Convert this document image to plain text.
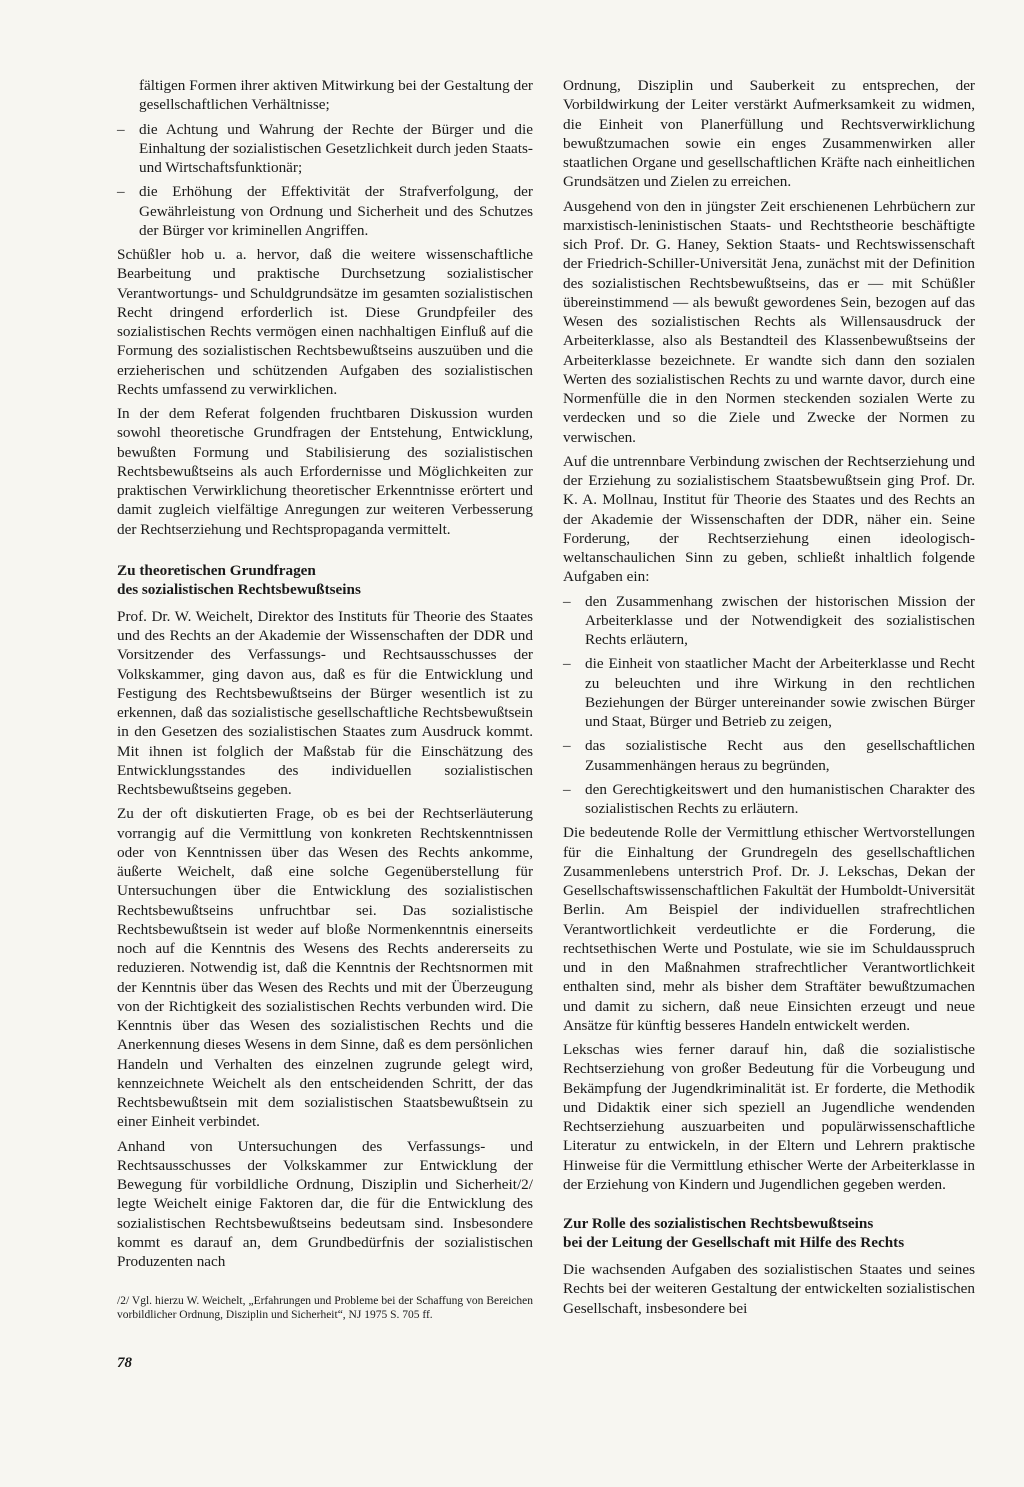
fältigen Formen ihrer aktiven Mitwirkung bei der Gestaltung der gesellschaftlichen Verhältnisse;

– die Achtung und Wahrung der Rechte der Bürger und die Einhaltung der sozialistischen Gesetzlichkeit durch jeden Staats- und Wirtschaftsfunktionär;

– die Erhöhung der Effektivität der Strafverfolgung, der Gewährleistung von Ordnung und Sicherheit und des Schutzes der Bürger vor kriminellen Angriffen.

Schüßler hob u. a. hervor, daß die weitere wissenschaftliche Bearbeitung und praktische Durchsetzung sozialistischer Verantwortungs- und Schuldgrundsätze im gesamten sozialistischen Recht dringend erforderlich ist. Diese Grundpfeiler des sozialistischen Rechts vermögen einen nachhaltigen Einfluß auf die Formung des sozialistischen Rechtsbewußtseins auszuüben und die erzieherischen und schützenden Aufgaben des sozialistischen Rechts umfassend zu verwirklichen.

In der dem Referat folgenden fruchtbaren Diskussion wurden sowohl theoretische Grundfragen der Entstehung, Entwicklung, bewußten Formung und Stabilisierung des sozialistischen Rechtsbewußtseins als auch Erfordernisse und Möglichkeiten zur praktischen Verwirklichung theoretischer Erkenntnisse erörtert und damit zugleich vielfältige Anregungen zur weiteren Verbesserung der Rechtserziehung und Rechtspropaganda vermittelt.

Zu theoretischen Grundfragen
des sozialistischen Rechtsbewußtseins

Prof. Dr. W. Weichelt, Direktor des Instituts für Theorie des Staates und des Rechts an der Akademie der Wissenschaften der DDR und Vorsitzender des Verfassungs- und Rechtsausschusses der Volkskammer, ging davon aus, daß es für die Entwicklung und Festigung des Rechtsbewußtseins der Bürger wesentlich ist zu erkennen, daß das sozialistische gesellschaftliche Rechtsbewußtsein in den Gesetzen des sozialistischen Staates zum Ausdruck kommt. Mit ihnen ist folglich der Maßstab für die Einschätzung des Entwicklungsstandes des individuellen sozialistischen Rechtsbewußtseins gegeben.

Zu der oft diskutierten Frage, ob es bei der Rechtserläuterung vorrangig auf die Vermittlung von konkreten Rechtskenntnissen oder von Kenntnissen über das Wesen des Rechts ankomme, äußerte Weichelt, daß eine solche Gegenüberstellung für Untersuchungen über die Entwicklung des sozialistischen Rechtsbewußtseins unfruchtbar sei. Das sozialistische Rechtsbewußtsein ist weder auf bloße Normenkenntnis einerseits noch auf die Kenntnis des Wesens des Rechts andererseits zu reduzieren. Notwendig ist, daß die Kenntnis der Rechtsnormen mit der Kenntnis über das Wesen des Rechts und mit der Überzeugung von der Richtigkeit des sozialistischen Rechts verbunden wird. Die Kenntnis über das Wesen des sozialistischen Rechts und die Anerkennung dieses Wesens in dem Sinne, daß es dem persönlichen Handeln und Verhalten des einzelnen zugrunde gelegt wird, kennzeichnete Weichelt als den entscheidenden Schritt, der das Rechtsbewußtsein mit dem sozialistischen Staatsbewußtsein zu einer Einheit verbindet.

Anhand von Untersuchungen des Verfassungs- und Rechtsausschusses der Volkskammer zur Entwicklung der Bewegung für vorbildliche Ordnung, Disziplin und Sicherheit/2/ legte Weichelt einige Faktoren dar, die für die Entwicklung des sozialistischen Rechtsbewußtseins bedeutsam sind. Insbesondere kommt es darauf an, dem Grundbedürfnis der sozialistischen Produzenten nach

/2/ Vgl. hierzu W. Weichelt, „Erfahrungen und Probleme bei der Schaffung von Bereichen vorbildlicher Ordnung, Disziplin und Sicherheit“, NJ 1975 S. 705 ff.
78

Ordnung, Disziplin und Sauberkeit zu entsprechen, der Vorbildwirkung der Leiter verstärkt Aufmerksamkeit zu widmen, die Einheit von Planerfüllung und Rechtsverwirklichung bewußtzumachen sowie ein enges Zusammenwirken aller staatlichen Organe und gesellschaftlichen Kräfte nach einheitlichen Grundsätzen und Zielen zu erreichen.

Ausgehend von den in jüngster Zeit erschienenen Lehrbüchern zur marxistisch-leninistischen Staats- und Rechtstheorie beschäftigte sich Prof. Dr. G. Haney, Sektion Staats- und Rechtswissenschaft der Friedrich-Schiller-Universität Jena, zunächst mit der Definition des sozialistischen Rechtsbewußtseins, das er — mit Schüßler übereinstimmend — als bewußt gewordenes Sein, bezogen auf das Wesen des sozialistischen Rechts als Willensausdruck der Arbeiterklasse, also als Bestandteil des Klassenbewußtseins der Arbeiterklasse bezeichnete. Er wandte sich dann den sozialen Werten des sozialistischen Rechts zu und warnte davor, durch eine Normenfülle die in den Normen steckenden sozialen Werte zu verdecken und so die Ziele und Zwecke der Normen zu verwischen.

Auf die untrennbare Verbindung zwischen der Rechtserziehung und der Erziehung zu sozialistischem Staatsbewußtsein ging Prof. Dr. K. A. Mollnau, Institut für Theorie des Staates und des Rechts an der Akademie der Wissenschaften der DDR, näher ein. Seine Forderung, der Rechtserziehung einen ideologisch-weltanschaulichen Sinn zu geben, schließt inhaltlich folgende Aufgaben ein:

– den Zusammenhang zwischen der historischen Mission der Arbeiterklasse und der Notwendigkeit des sozialistischen Rechts erläutern,

– die Einheit von staatlicher Macht der Arbeiterklasse und Recht zu beleuchten und ihre Wirkung in den rechtlichen Beziehungen der Bürger untereinander sowie zwischen Bürger und Staat, Bürger und Betrieb zu zeigen,

– das sozialistische Recht aus den gesellschaftlichen Zusammenhängen heraus zu begründen,

– den Gerechtigkeitswert und den humanistischen Charakter des sozialistischen Rechts zu erläutern.

Die bedeutende Rolle der Vermittlung ethischer Wertvorstellungen für die Einhaltung der Grundregeln des gesellschaftlichen Zusammenlebens unterstrich Prof. Dr. J. Lekschas, Dekan der Gesellschaftswissenschaftlichen Fakultät der Humboldt-Universität Berlin. Am Beispiel der individuellen strafrechtlichen Verantwortlichkeit verdeutlichte er die Forderung, die rechtsethischen Werte und Postulate, wie sie im Schuldausspruch und in den Maßnahmen strafrechtlicher Verantwortlichkeit enthalten sind, mehr als bisher dem Straftäter bewußtzumachen und damit zu sichern, daß neue Einsichten erzeugt und neue Ansätze für künftig besseres Handeln entwickelt werden.

Lekschas wies ferner darauf hin, daß die sozialistische Rechtserziehung von großer Bedeutung für die Vorbeugung und Bekämpfung der Jugendkriminalität ist. Er forderte, die Methodik und Didaktik einer sich speziell an Jugendliche wendenden Rechtserziehung auszuarbeiten und populärwissenschaftliche Literatur zu entwickeln, in der Eltern und Lehrern praktische Hinweise für die Vermittlung ethischer Werte der Arbeiterklasse in der Erziehung von Kindern und Jugendlichen gegeben werden.

Zur Rolle des sozialistischen Rechtsbewußtseins
bei der Leitung der Gesellschaft mit Hilfe des Rechts

Die wachsenden Aufgaben des sozialistischen Staates und seines Rechts bei der weiteren Gestaltung der entwickelten sozialistischen Gesellschaft, insbesondere bei
